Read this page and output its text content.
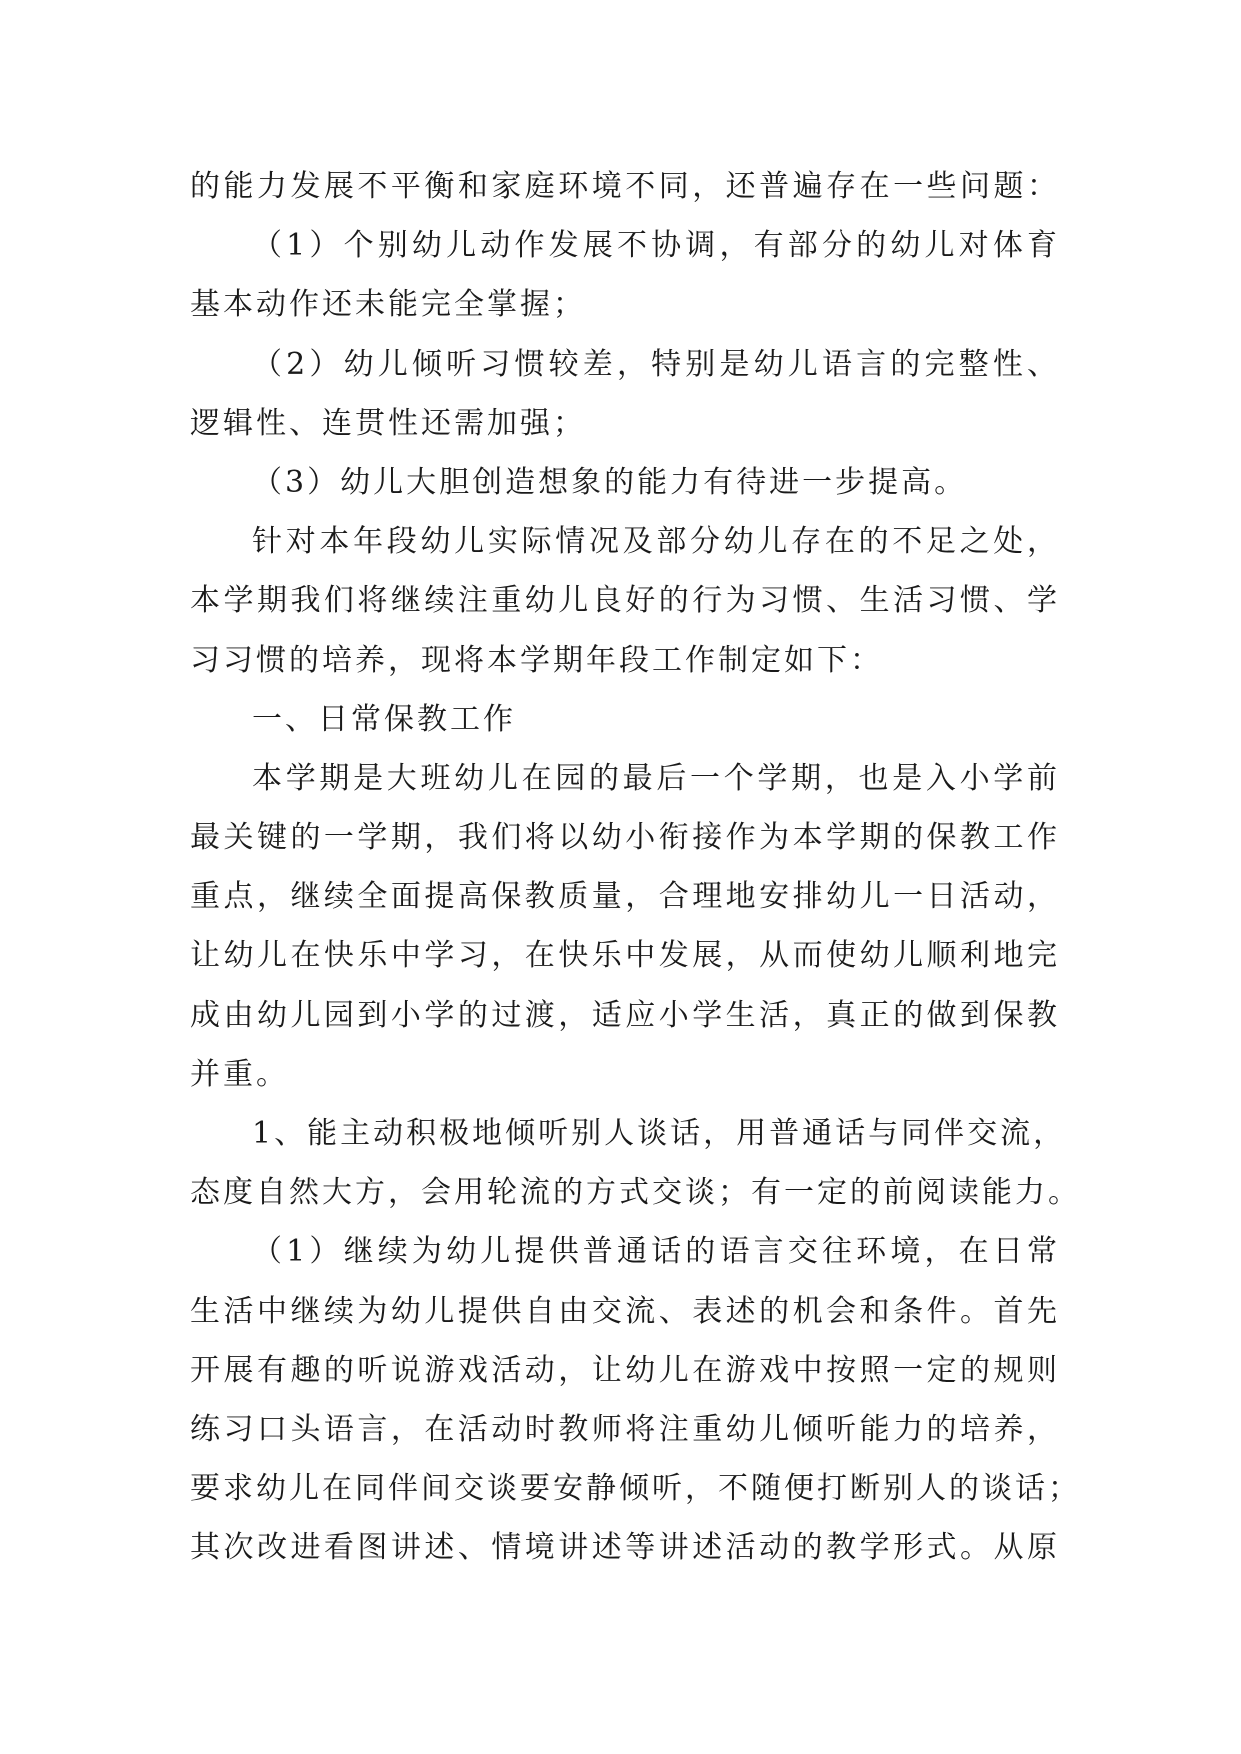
的能力发展不平衡和家庭环境不同，还普遍存在一些问题：
（1）个别幼儿动作发展不协调，有部分的幼儿对体育
基本动作还未能完全掌握；
（2）幼儿倾听习惯较差，特别是幼儿语言的完整性、
逻辑性、连贯性还需加强；
（3）幼儿大胆创造想象的能力有待进一步提高。
针对本年段幼儿实际情况及部分幼儿存在的不足之处，
本学期我们将继续注重幼儿良好的行为习惯、生活习惯、学
习习惯的培养，现将本学期年段工作制定如下：
一、日常保教工作
本学期是大班幼儿在园的最后一个学期，也是入小学前
最关键的一学期，我们将以幼小衔接作为本学期的保教工作
重点，继续全面提高保教质量，合理地安排幼儿一日活动，
让幼儿在快乐中学习，在快乐中发展，从而使幼儿顺利地完
成由幼儿园到小学的过渡，适应小学生活，真正的做到保教
并重。
1、能主动积极地倾听别人谈话，用普通话与同伴交流，
态度自然大方，会用轮流的方式交谈；有一定的前阅读能力。
（1）继续为幼儿提供普通话的语言交往环境，在日常
生活中继续为幼儿提供自由交流、表述的机会和条件。首先
开展有趣的听说游戏活动，让幼儿在游戏中按照一定的规则
练习口头语言，在活动时教师将注重幼儿倾听能力的培养，
要求幼儿在同伴间交谈要安静倾听，不随便打断别人的谈话；
其次改进看图讲述、情境讲述等讲述活动的教学形式。从原
